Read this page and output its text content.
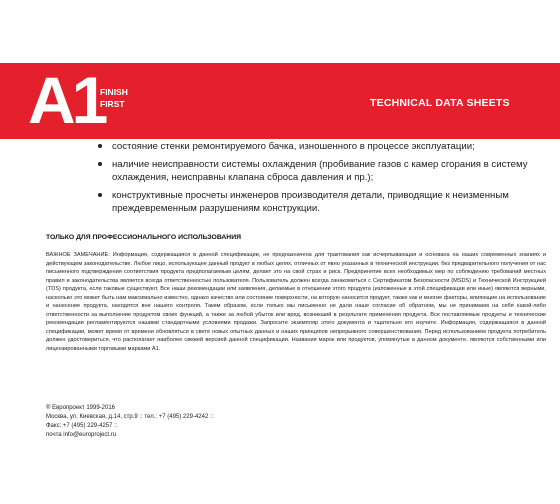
A1
FINISH
FIRST	TECHNICAL DATA SHEETS
состояние стенки ремонтируемого бачка, изношенного в процессе эксплуатации;
наличие неисправности системы охлаждения (пробивание газов с камер сгорания в систему охлаждения, неисправны клапана сброса давления и пр.);
конструктивные просчеты инженеров производителя детали, приводящие к неизменным преждевременным разрушениям конструкции.
ТОЛЬКО ДЛЯ ПРОФЕССИОНАЛЬНОГО ИСПОЛЬЗОВАНИЯ

ВАЖНОЕ ЗАМЕЧАНИЕ: Информация, содержащаяся в данной спецификации, не предназначена для трактования как исчерпывающая и основана на наших современных знаниях и действующем законодательстве. Любое лицо, использующее данный продукт в любых целях, отличных от явно указанных в технической инструкции, без предварительного получения от нас письменного подтверждения соответствия продукта предполагаемым целям, делает это на свой страх и риск. Предпринятие всех необходимых мер по соблюдению требований местных правил и законодательства является всегда ответственностью пользователя. Пользователь должен всегда ознакомиться с Сертификатом Безопасности (MSDS) и Технической Инструкцией (TDS) продукта, если таковые существуют. Все наши рекомендации или заявления, делаемые в отношении этого продукта (изложенные в этой спецификации или иные) являются верными, насколько это может быть нам максимально известно, однако качество или состояние поверхности, на которую наносится продукт, также как и многие факторы, влияющие на использование и нанесение продукта, находятся вне нашего контроля. Таким образом, если только мы письменно не дали наше согласие об обратном, мы не принимаем на себя какой-либо ответственности за выполнение продуктом своих функций, а также за любой убыток или вред, возникший в результате применения продукта. Все поставляемые продукты и технические рекомендации регламентируются нашими стандартными условиями продажи. Запросите экземпляр этого документа и тщательно его изучите. Информация, содержащаяся в данной спецификации, может время от времени обновляться в свете новых опытных данных и наших принципов непрерывного совершенствования. Перед использованием продукта потребитель должен удостовериться, что располагает наиболее свежей версией данной спецификации. Названия марок или продуктов, упомянутые в данном документе, являются собственными или лицензированными торговыми марками А1.

® Европроект 1999-2016
Москва, ул. Киевская, д.14, стр.9 :: тел.: +7 (495) 229-4242 ::
Факс: +7 (495) 229-4257 ::
почта info@europroject.ru
